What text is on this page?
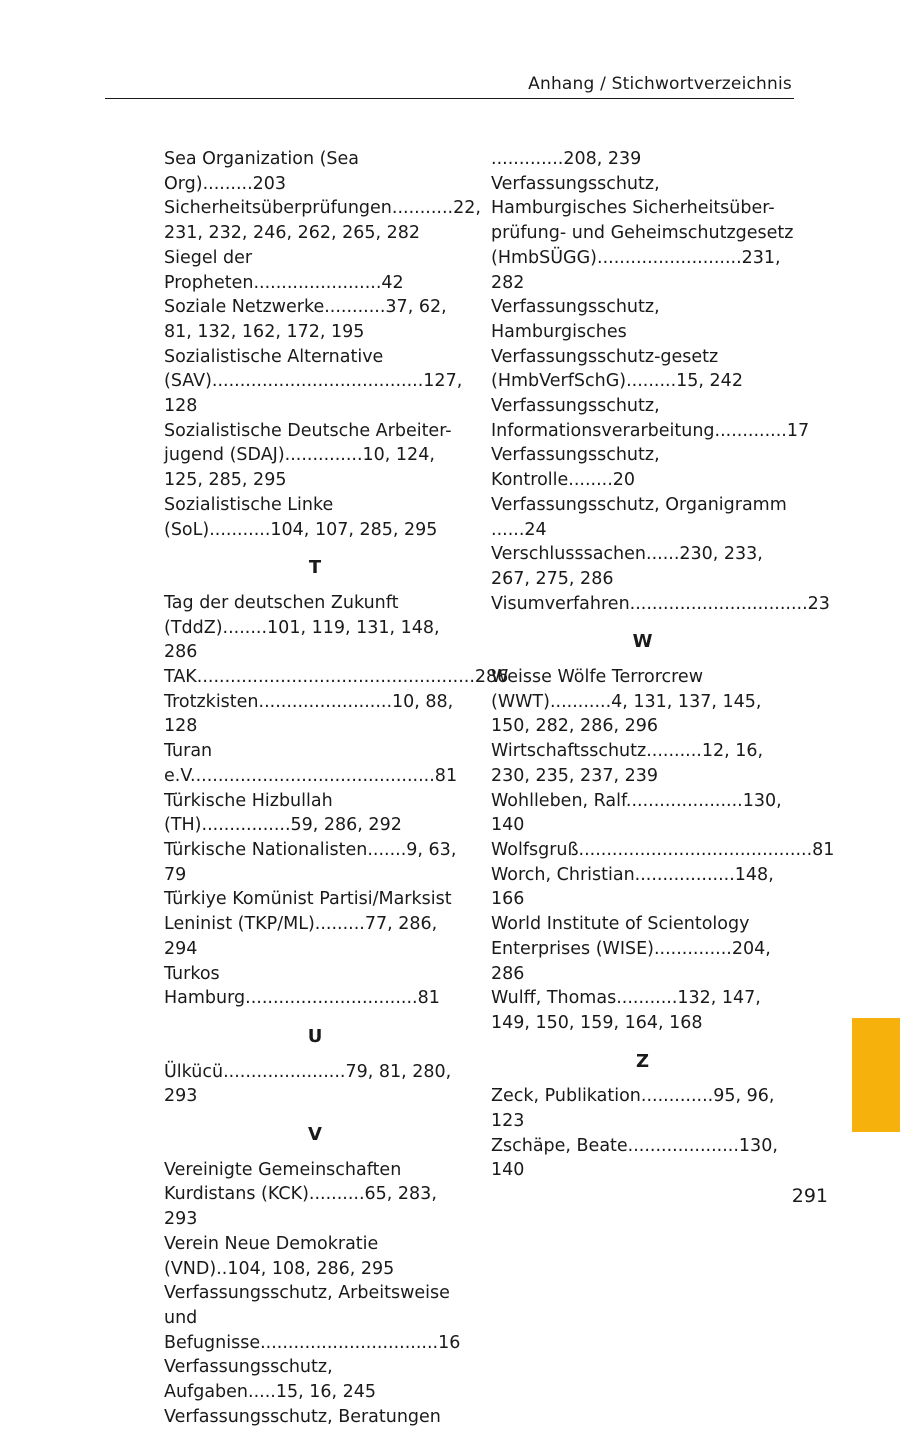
Anhang / Stichwortverzeichnis
Sea Organization (Sea Org).........203
Sicherheitsüberprüfungen...........22, 231, 232, 246, 262, 265, 282
Siegel der Propheten.......................42
Soziale Netzwerke...........37, 62, 81, 132, 162, 172, 195
Sozialistische Alternative (SAV)......................................127, 128
Sozialistische Deutsche Arbeiter-jugend (SDAJ)..............10, 124, 125, 285, 295
Sozialistische Linke (SoL)...........104, 107, 285, 295
T
Tag der deutschen Zukunft (TddZ)........101, 119, 131, 148, 286
TAK..................................................286
Trotzkisten........................10, 88, 128
Turan e.V............................................81
Türkische Hizbullah (TH)................59, 286, 292
Türkische Nationalisten.......9, 63, 79
Türkiye Komünist Partisi/Marksist Leninist (TKP/ML).........77, 286, 294
Turkos Hamburg...............................81
U
Ülkücü......................79, 81, 280, 293
V
Vereinigte Gemeinschaften Kurdistans (KCK)..........65, 283, 293
Verein Neue Demokratie (VND)..104, 108, 286, 295
Verfassungsschutz, Arbeitsweise und Befugnisse................................16
Verfassungsschutz, Aufgaben.....15, 16, 245
Verfassungsschutz, Beratungen
.............208, 239
Verfassungsschutz, Hamburgisches Sicherheitsüber-prüfung- und Geheimschutzgesetz (HmbSÜGG)..........................231, 282
Verfassungsschutz, Hamburgisches Verfassungsschutz-gesetz (HmbVerfSchG).........15, 242
Verfassungsschutz, Informationsverarbeitung.............17
Verfassungsschutz, Kontrolle........20
Verfassungsschutz, Organigramm ......24
Verschlusssachen......230, 233, 267, 275, 286
Visumverfahren................................23
W
Weisse Wölfe Terrorcrew (WWT)...........4, 131, 137, 145, 150, 282, 286, 296
Wirtschaftsschutz..........12, 16, 230, 235, 237, 239
Wohlleben, Ralf.....................130, 140
Wolfsgruß..........................................81
Worch, Christian..................148, 166
World Institute of Scientology Enterprises (WISE)..............204, 286
Wulff, Thomas...........132, 147, 149, 150, 159, 164, 168
Z
Zeck, Publikation.............95, 96, 123
Zschäpe, Beate....................130, 140
291
